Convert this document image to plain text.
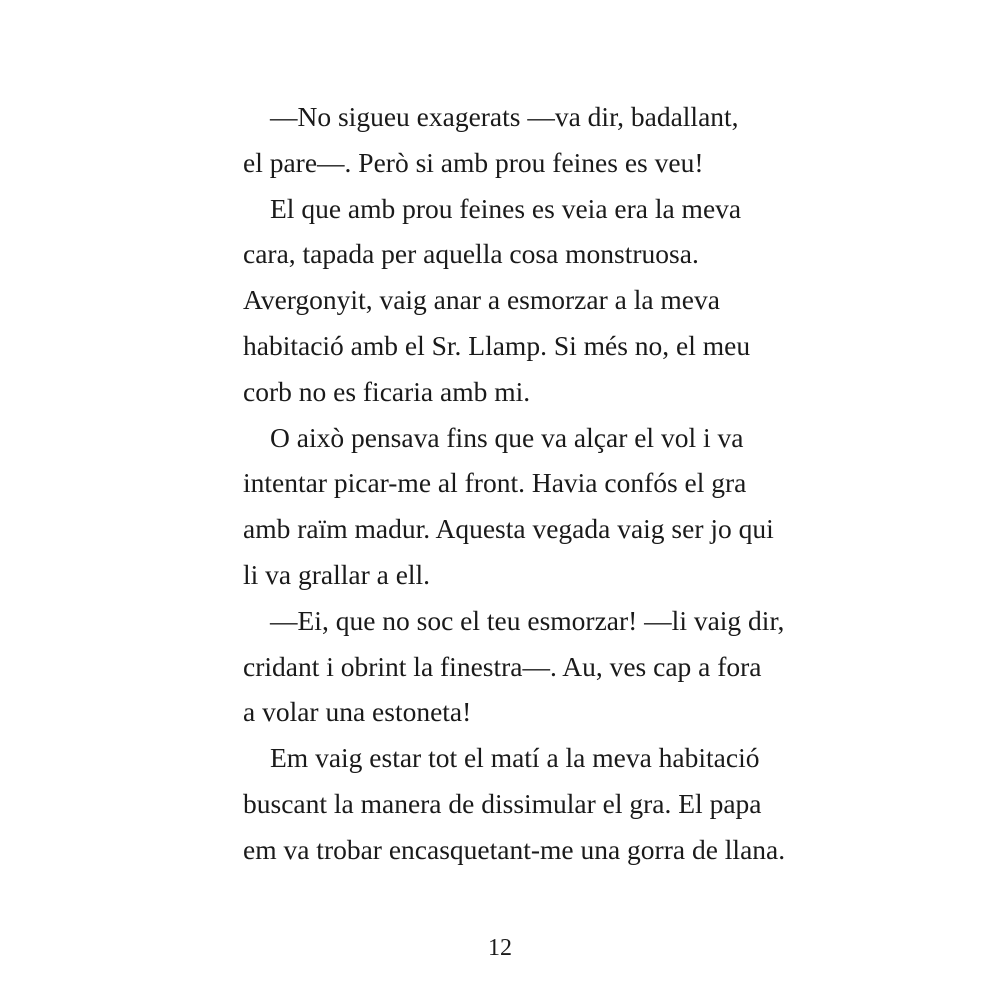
—No sigueu exagerats —va dir, badallant,
el pare—. Però si amb prou feines es veu!
El que amb prou feines es veia era la meva
cara, tapada per aquella cosa monstruosa.
Avergonyit, vaig anar a esmorzar a la meva
habitació amb el Sr. Llamp. Si més no, el meu
corb no es ficaria amb mi.
O això pensava fins que va alçar el vol i va
intentar picar-me al front. Havia confós el gra
amb raïm madur. Aquesta vegada vaig ser jo qui
li va grallar a ell.
—Ei, que no soc el teu esmorzar! —li vaig dir,
cridant i obrint la finestra—. Au, ves cap a fora
a volar una estoneta!
Em vaig estar tot el matí a la meva habitació
buscant la manera de dissimular el gra. El papa
em va trobar encasquetant-me una gorra de llana.
12
